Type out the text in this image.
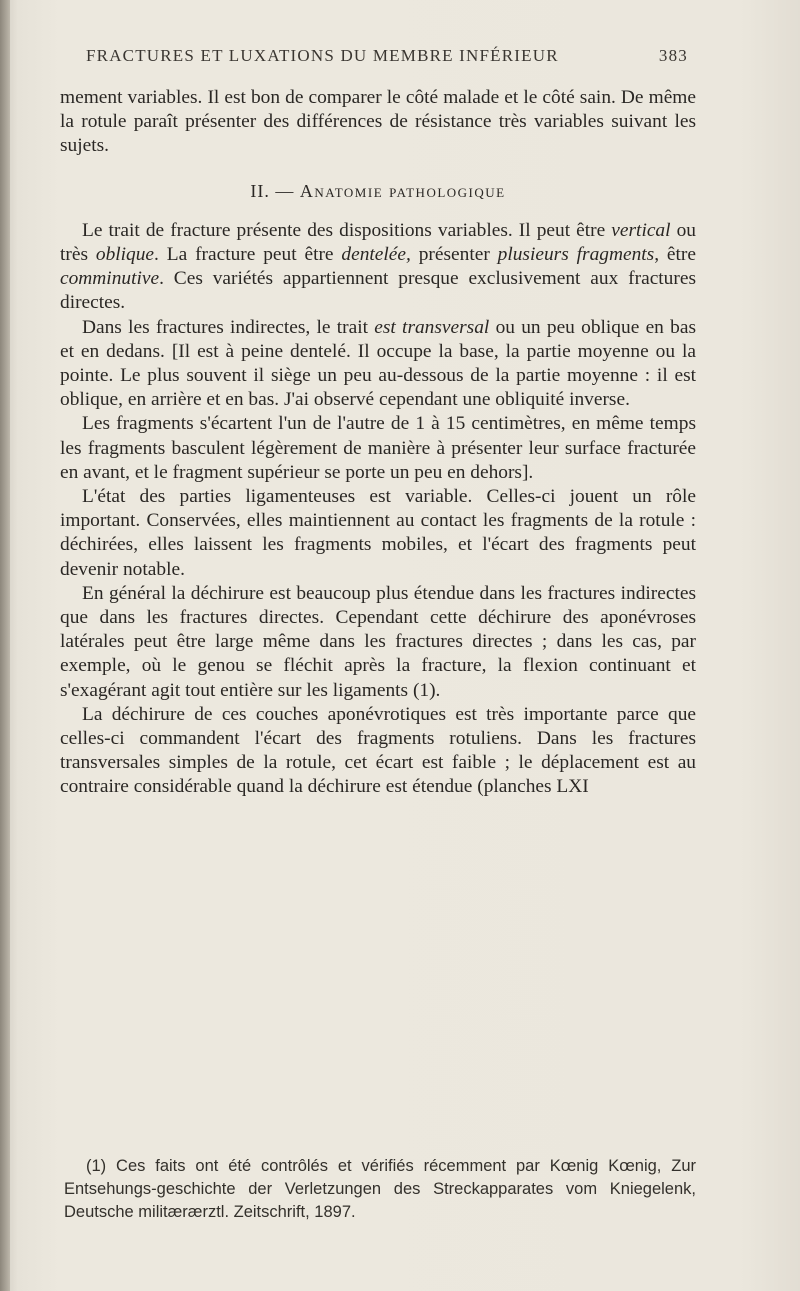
FRACTURES ET LUXATIONS DU MEMBRE INFÉRIEUR	383

mement variables. Il est bon de comparer le côté malade et le côté sain. De même la rotule paraît présenter des différences de résistance très variables suivant les sujets.

II. — Anatomie pathologique

Le trait de fracture présente des dispositions variables. Il peut être vertical ou très oblique. La fracture peut être dentelée, présenter plusieurs fragments, être comminutive. Ces variétés appartiennent presque exclusivement aux fractures directes.

Dans les fractures indirectes, le trait est transversal ou un peu oblique en bas et en dedans. [Il est à peine dentelé. Il occupe la base, la partie moyenne ou la pointe. Le plus souvent il siège un peu au-dessous de la partie moyenne : il est oblique, en arrière et en bas. J'ai observé cependant une obliquité inverse.

Les fragments s'écartent l'un de l'autre de 1 à 15 centimètres, en même temps les fragments basculent légèrement de manière à présenter leur surface fracturée en avant, et le fragment supérieur se porte un peu en dehors].

L'état des parties ligamenteuses est variable. Celles-ci jouent un rôle important. Conservées, elles maintiennent au contact les fragments de la rotule : déchirées, elles laissent les fragments mobiles, et l'écart des fragments peut devenir notable.

En général la déchirure est beaucoup plus étendue dans les fractures indirectes que dans les fractures directes. Cependant cette déchirure des aponévroses latérales peut être large même dans les fractures directes ; dans les cas, par exemple, où le genou se fléchit après la fracture, la flexion continuant et s'exagérant agit tout entière sur les ligaments (1).

La déchirure de ces couches aponévrotiques est très importante parce que celles-ci commandent l'écart des fragments rotuliens. Dans les fractures transversales simples de la rotule, cet écart est faible ; le déplacement est au contraire considérable quand la déchirure est étendue (planches LXI

(1) Ces faits ont été contrôlés et vérifiés récemment par Kœnig Kœnig, Zur Entsehungs-geschichte der Verletzungen des Streckapparates vom Kniegelenk, Deutsche militærærztl. Zeitschrift, 1897.
